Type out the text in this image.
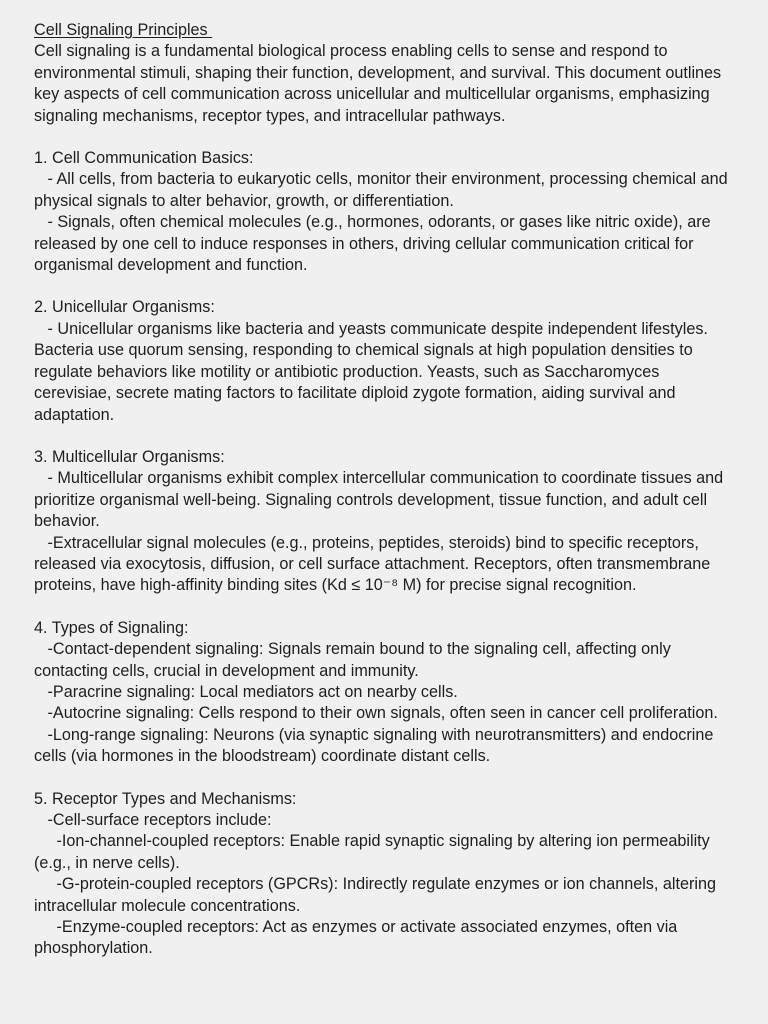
Cell Signaling Principles

Cell signaling is a fundamental biological process enabling cells to sense and respond to environmental stimuli, shaping their function, development, and survival. This document outlines key aspects of cell communication across unicellular and multicellular organisms, emphasizing signaling mechanisms, receptor types, and intracellular pathways.

1. Cell Communication Basics:

- All cells, from bacteria to eukaryotic cells, monitor their environment, processing chemical and physical signals to alter behavior, growth, or differentiation.

- Signals, often chemical molecules (e.g., hormones, odorants, or gases like nitric oxide), are released by one cell to induce responses in others, driving cellular communication critical for organismal development and function.

2. Unicellular Organisms:

- Unicellular organisms like bacteria and yeasts communicate despite independent lifestyles. Bacteria use quorum sensing, responding to chemical signals at high population densities to regulate behaviors like motility or antibiotic production. Yeasts, such as Saccharomyces cerevisiae, secrete mating factors to facilitate diploid zygote formation, aiding survival and adaptation.

3. Multicellular Organisms:

- Multicellular organisms exhibit complex intercellular communication to coordinate tissues and prioritize organismal well-being. Signaling controls development, tissue function, and adult cell behavior.

-Extracellular signal molecules (e.g., proteins, peptides, steroids) bind to specific receptors, released via exocytosis, diffusion, or cell surface attachment. Receptors, often transmembrane proteins, have high-affinity binding sites (Kd ≤ 10⁻⁸ M) for precise signal recognition.

4. Types of Signaling:

-Contact-dependent signaling: Signals remain bound to the signaling cell, affecting only contacting cells, crucial in development and immunity.

-Paracrine signaling: Local mediators act on nearby cells.

-Autocrine signaling: Cells respond to their own signals, often seen in cancer cell proliferation.

-Long-range signaling: Neurons (via synaptic signaling with neurotransmitters) and endocrine cells (via hormones in the bloodstream) coordinate distant cells.

5. Receptor Types and Mechanisms:

-Cell-surface receptors include:

-Ion-channel-coupled receptors: Enable rapid synaptic signaling by altering ion permeability (e.g., in nerve cells).

-G-protein-coupled receptors (GPCRs): Indirectly regulate enzymes or ion channels, altering intracellular molecule concentrations.

-Enzyme-coupled receptors: Act as enzymes or activate associated enzymes, often via phosphorylation.
